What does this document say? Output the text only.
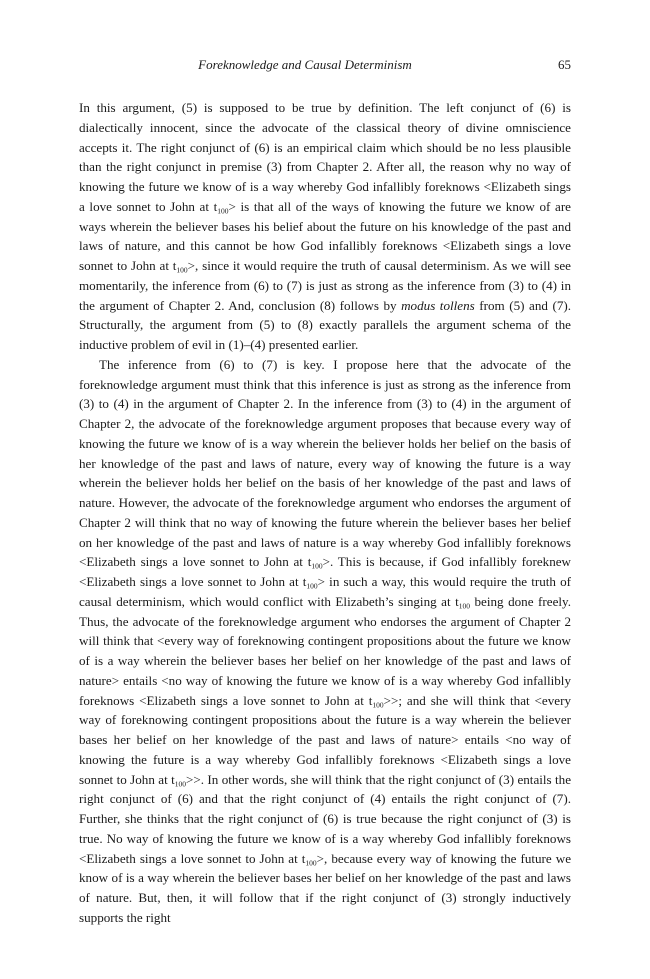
Foreknowledge and Causal Determinism	65

In this argument, (5) is supposed to be true by definition. The left conjunct of (6) is dialectically innocent, since the advocate of the classical theory of divine omniscience accepts it. The right conjunct of (6) is an empirical claim which should be no less plausible than the right conjunct in premise (3) from Chapter 2. After all, the reason why no way of knowing the future we know of is a way whereby God infallibly foreknows <Elizabeth sings a love sonnet to John at $t_{100}>$ is that all of the ways of knowing the future we know of are ways wherein the believer bases his belief about the future on his knowledge of the past and laws of nature, and this cannot be how God infallibly foreknows <Elizabeth sings a love sonnet to John at $t_{100}>$, since it would require the truth of causal determinism. As we will see momentarily, the inference from (6) to (7) is just as strong as the inference from (3) to (4) in the argument of Chapter 2. And, conclusion (8) follows by modus tollens from (5) and (7). Structurally, the argument from (5) to (8) exactly parallels the argument schema of the inductive problem of evil in (1)–(4) presented earlier.

The inference from (6) to (7) is key. I propose here that the advocate of the foreknowledge argument must think that this inference is just as strong as the inference from (3) to (4) in the argument of Chapter 2. In the inference from (3) to (4) in the argument of Chapter 2, the advocate of the foreknowledge argument proposes that because every way of knowing the future we know of is a way wherein the believer holds her belief on the basis of her knowledge of the past and laws of nature, every way of knowing the future is a way wherein the believer holds her belief on the basis of her knowledge of the past and laws of nature. However, the advocate of the foreknowledge argument who endorses the argument of Chapter 2 will think that no way of knowing the future wherein the believer bases her belief on her knowledge of the past and laws of nature is a way whereby God infallibly foreknows <Elizabeth sings a love sonnet to John at $t_{100}>$. This is because, if God infallibly foreknew <Elizabeth sings a love sonnet to John at $t_{100}>$ in such a way, this would require the truth of causal determinism, which would conflict with Elizabeth’s singing at $t_{100}$ being done freely. Thus, the advocate of the foreknowledge argument who endorses the argument of Chapter 2 will think that <every way of foreknowing contingent propositions about the future we know of is a way wherein the believer bases her belief on her knowledge of the past and laws of nature> entails <no way of knowing the future we know of is a way whereby God infallibly foreknows <Elizabeth sings a love sonnet to John at $t_{100}>>$; and she will think that <every way of foreknowing contingent propositions about the future is a way wherein the believer bases her belief on her knowledge of the past and laws of nature> entails <no way of knowing the future is a way whereby God infallibly foreknows <Elizabeth sings a love sonnet to John at $t_{100}>>$. In other words, she will think that the right conjunct of (3) entails the right conjunct of (6) and that the right conjunct of (4) entails the right conjunct of (7). Further, she thinks that the right conjunct of (6) is true because the right conjunct of (3) is true. No way of knowing the future we know of is a way whereby God infallibly foreknows <Elizabeth sings a love sonnet to John at $t_{100}>$, because every way of knowing the future we know of is a way wherein the believer bases her belief on her knowledge of the past and laws of nature. But, then, it will follow that if the right conjunct of (3) strongly inductively supports the right
